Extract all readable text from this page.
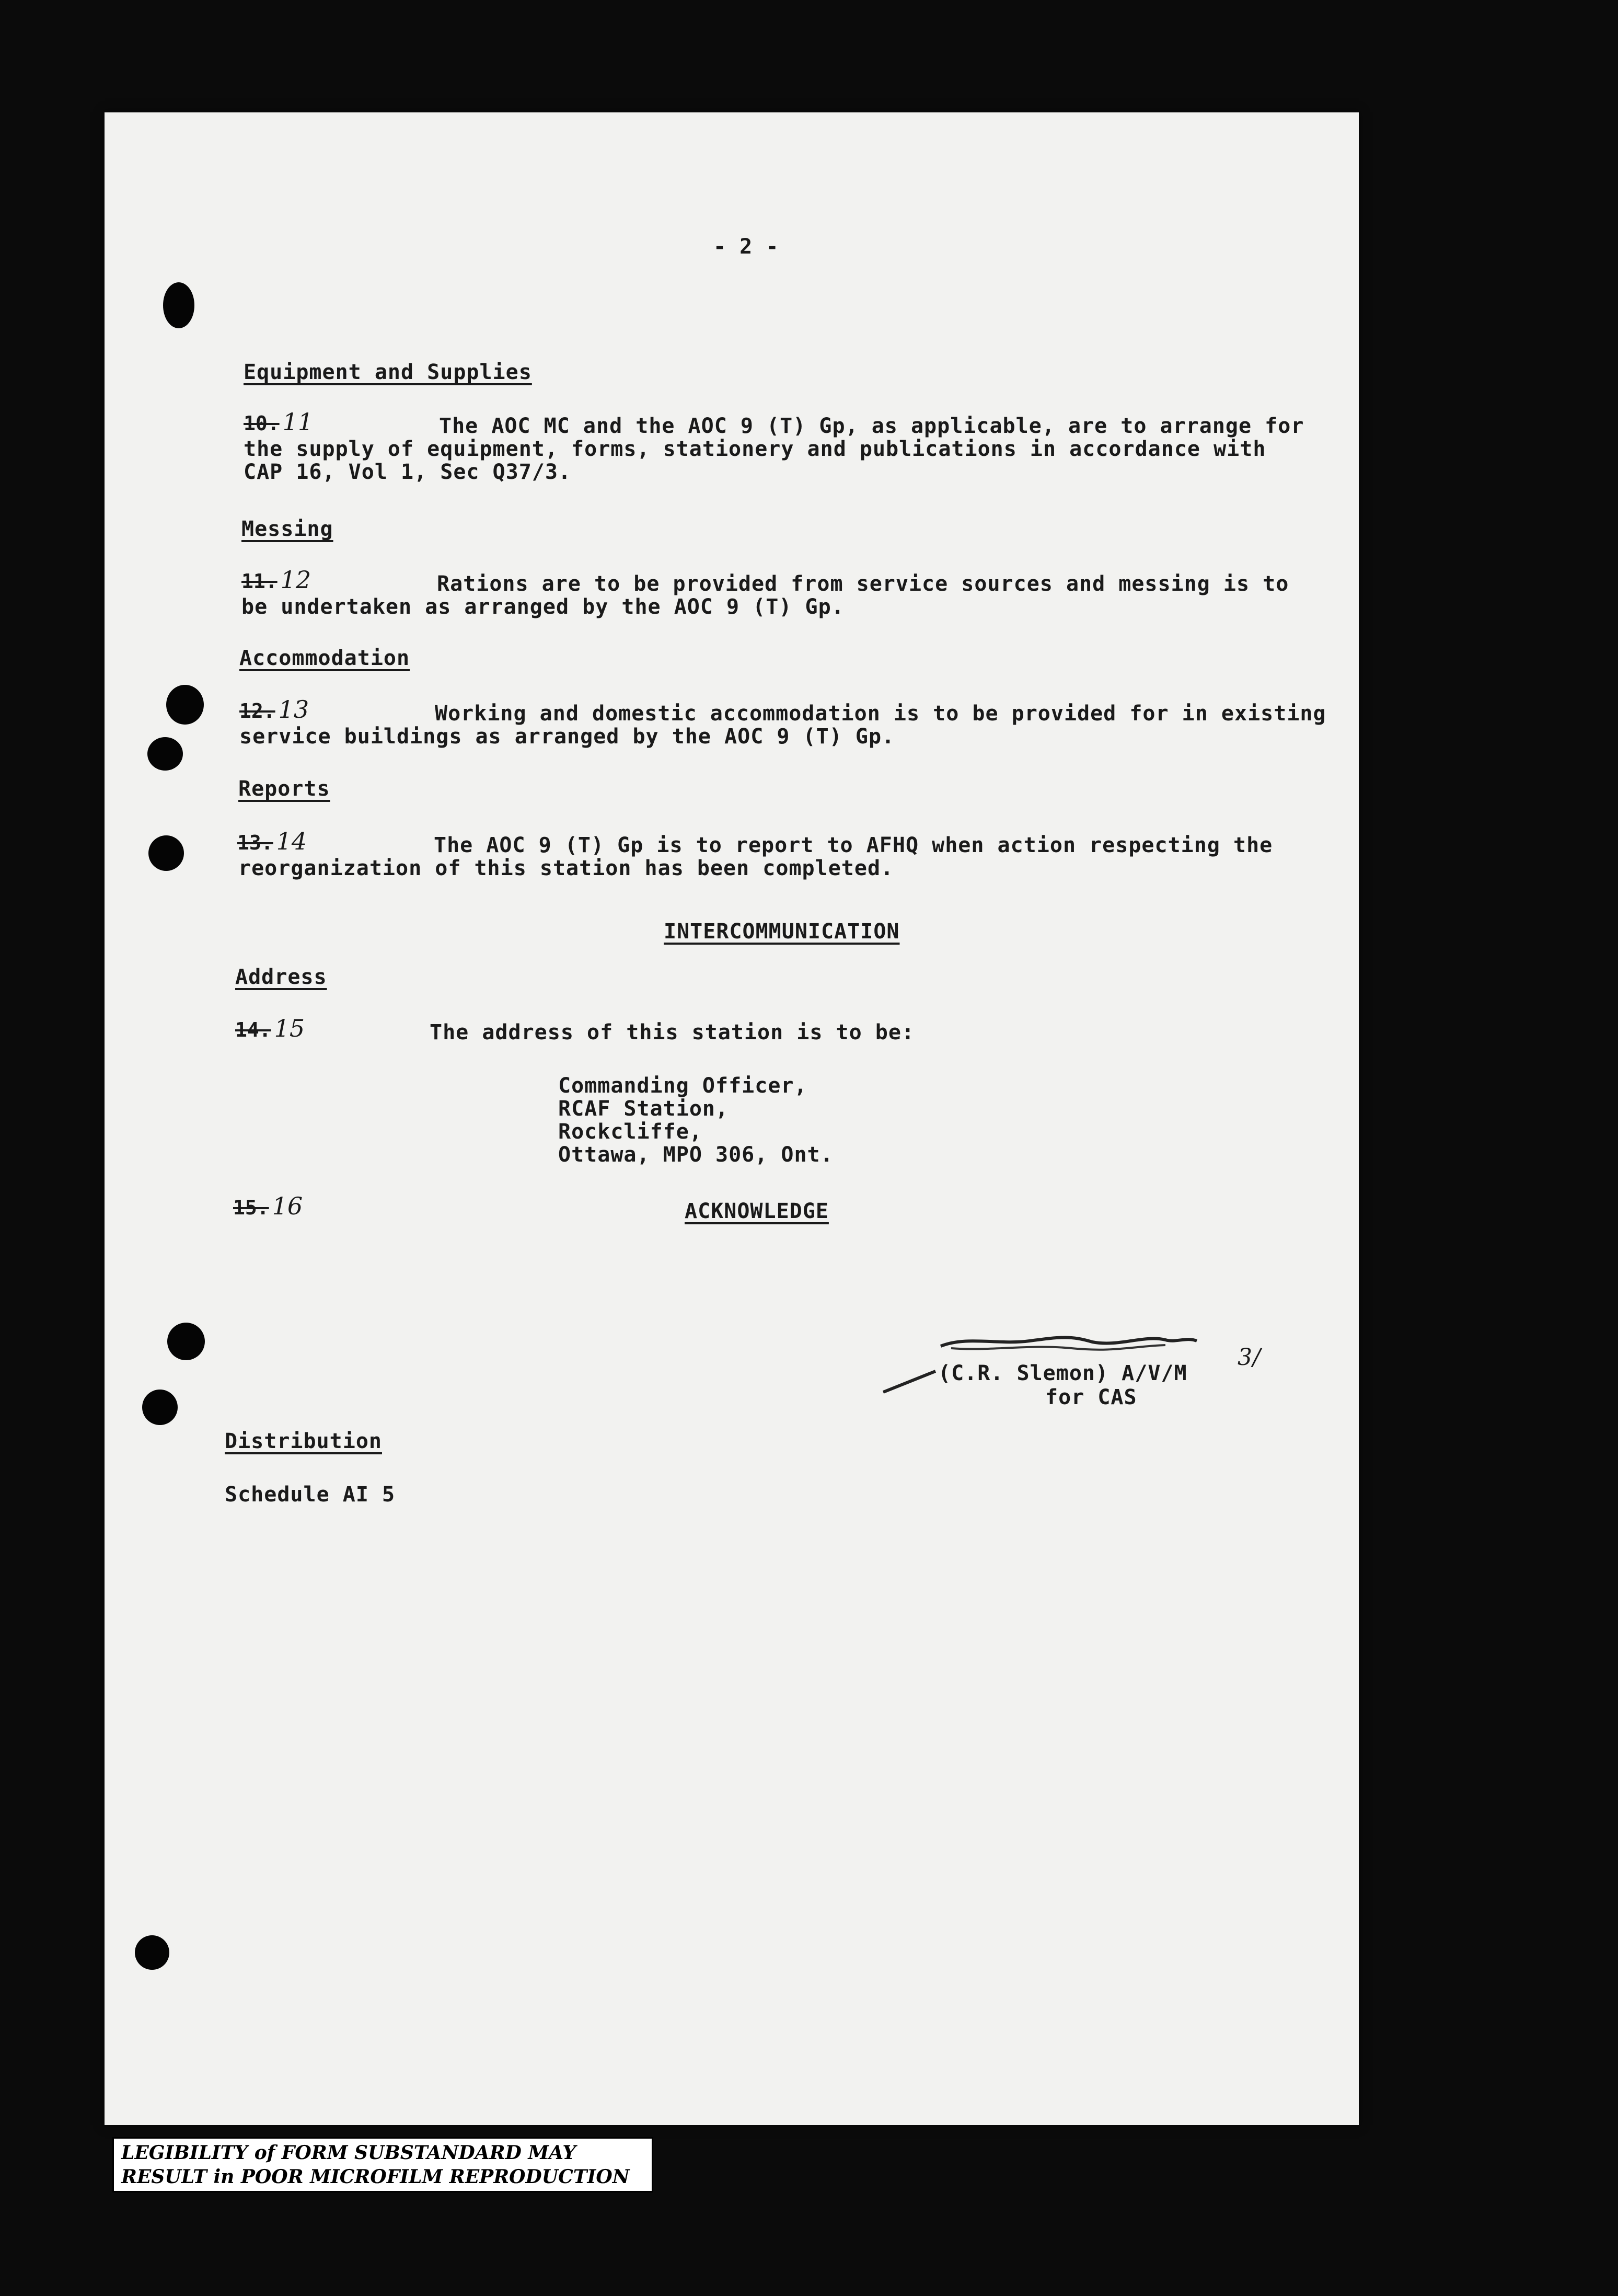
- 2 -
Equipment and Supplies
10. 11	The AOC MC and the AOC 9 (T) Gp, as applicable, are to arrange for
the supply of equipment, forms, stationery and publications in accordance with
CAP 16, Vol 1, Sec Q37/3.
Messing
11. 12	Rations are to be provided from service sources and messing is to
be undertaken as arranged by the AOC 9 (T) Gp.
Accommodation
12. 13	Working and domestic accommodation is to be provided for in existing
service buildings as arranged by the AOC 9 (T) Gp.
Reports
13. 14	The AOC 9 (T) Gp is to report to AFHQ when action respecting the
reorganization of this station has been completed.
INTERCOMMUNICATION
Address
14. 15	The address of this station is to be:
Commanding Officer,
RCAF Station,
Rockcliffe,
Ottawa, MPO 306, Ont.
15. 16	ACKNOWLEDGE
(C.R. Slemon) A/V/M
for CAS
3/
Distribution
Schedule AI 5
LEGIBILITY of FORM SUBSTANDARD MAY
RESULT in POOR MICROFILM REPRODUCTION
